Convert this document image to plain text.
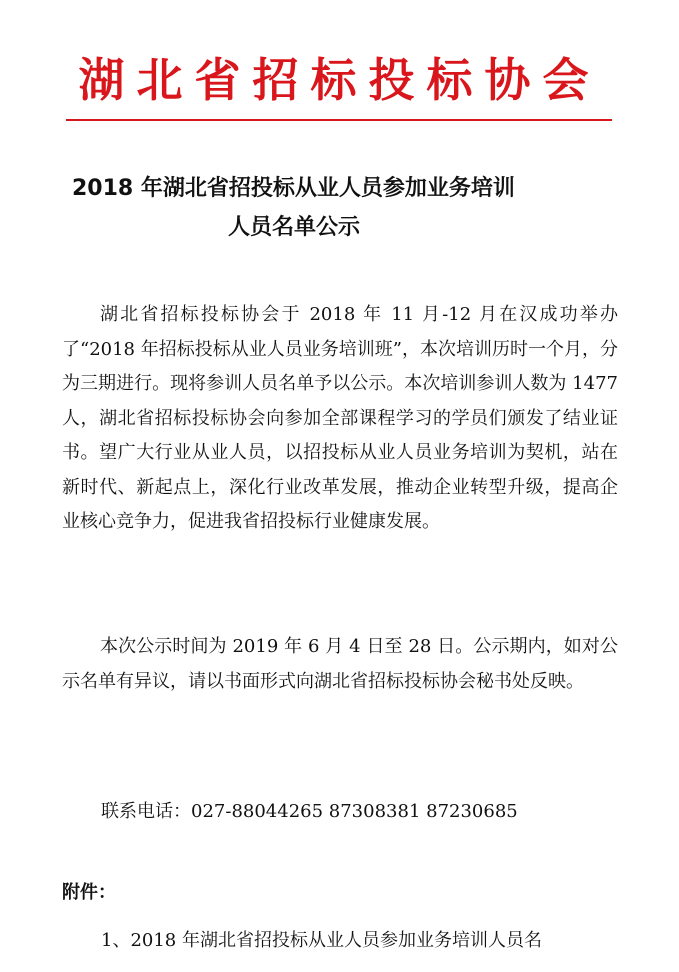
湖北省招标投标协会
2018 年湖北省招投标从业人员参加业务培训
人员名单公示

湖北省招标投标协会于 2018 年 11 月-12 月在汉成功举办了“2018 年招标投标从业人员业务培训班”，本次培训历时一个月，分为三期进行。现将参训人员名单予以公示。本次培训参训人数为 1477 人，湖北省招标投标协会向参加全部课程学习的学员们颁发了结业证书。望广大行业从业人员，以招投标从业人员业务培训为契机，站在新时代、新起点上，深化行业改革发展，推动企业转型升级，提高企业核心竞争力，促进我省招投标行业健康发展。

本次公示时间为 2019 年 6 月 4 日至 28 日。公示期内，如对公示名单有异议，请以书面形式向湖北省招标投标协会秘书处反映。

联系电话：027-88044265 87308381 87230685
附件：
1、2018 年湖北省招投标从业人员参加业务培训人员名
